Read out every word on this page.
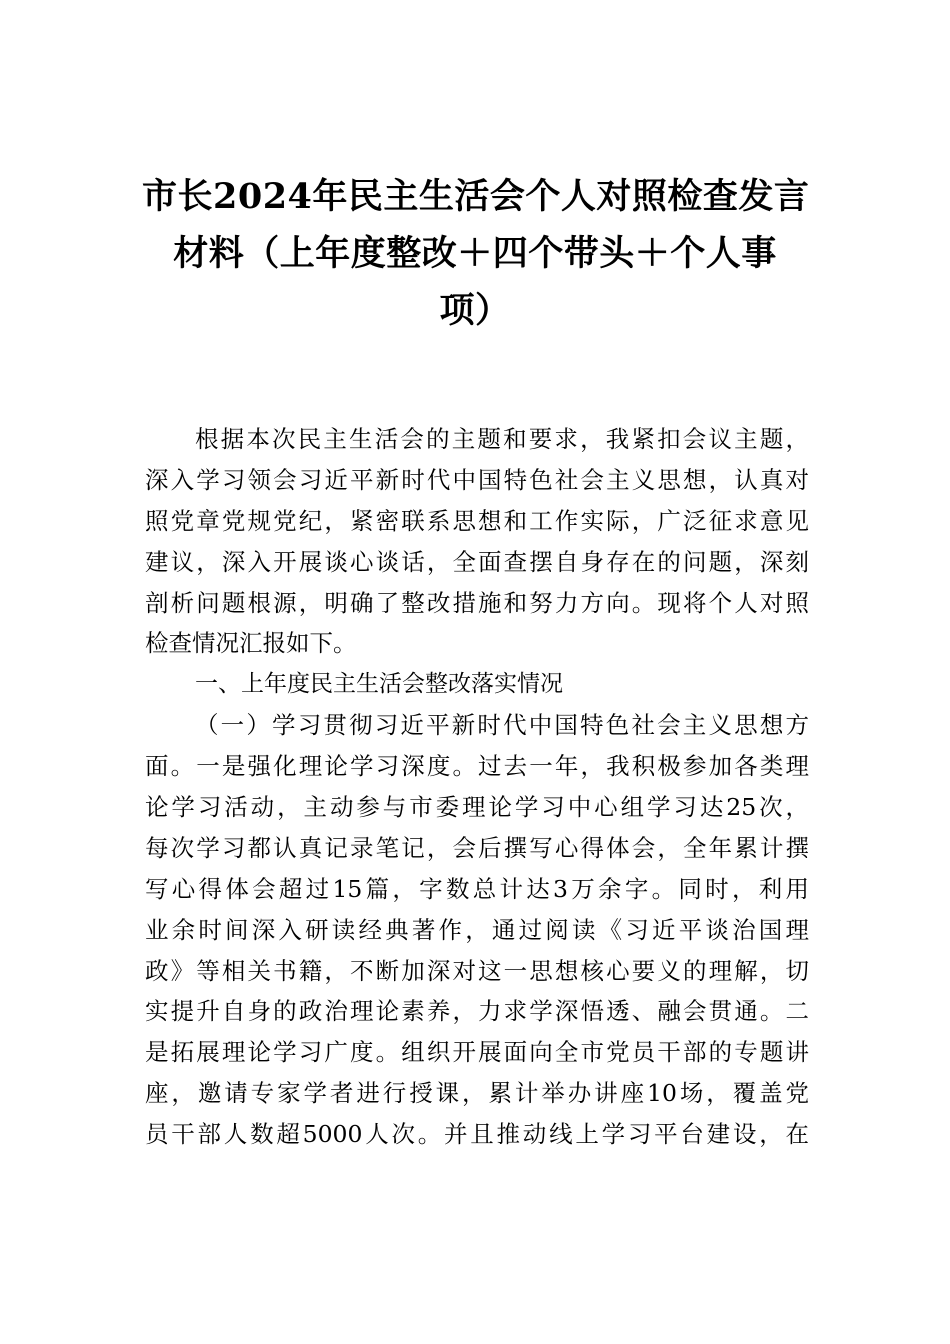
市长2024年民主生活会个人对照检查发言
材料（上年度整改＋四个带头＋个人事
项）
根据本次民主生活会的主题和要求，我紧扣会议主题，
深入学习领会习近平新时代中国特色社会主义思想，认真对
照党章党规党纪，紧密联系思想和工作实际，广泛征求意见
建议，深入开展谈心谈话，全面查摆自身存在的问题，深刻
剖析问题根源，明确了整改措施和努力方向。现将个人对照
检查情况汇报如下。
一、上年度民主生活会整改落实情况
（一）学习贯彻习近平新时代中国特色社会主义思想方
面。一是强化理论学习深度。过去一年，我积极参加各类理
论学习活动，主动参与市委理论学习中心组学习达25次，
每次学习都认真记录笔记，会后撰写心得体会，全年累计撰
写心得体会超过15篇，字数总计达3万余字。同时，利用
业余时间深入研读经典著作，通过阅读《习近平谈治国理
政》等相关书籍，不断加深对这一思想核心要义的理解，切
实提升自身的政治理论素养，力求学深悟透、融会贯通。二
是拓展理论学习广度。组织开展面向全市党员干部的专题讲
座，邀请专家学者进行授课，累计举办讲座10场，覆盖党
员干部人数超5000人次。并且推动线上学习平台建设，在
